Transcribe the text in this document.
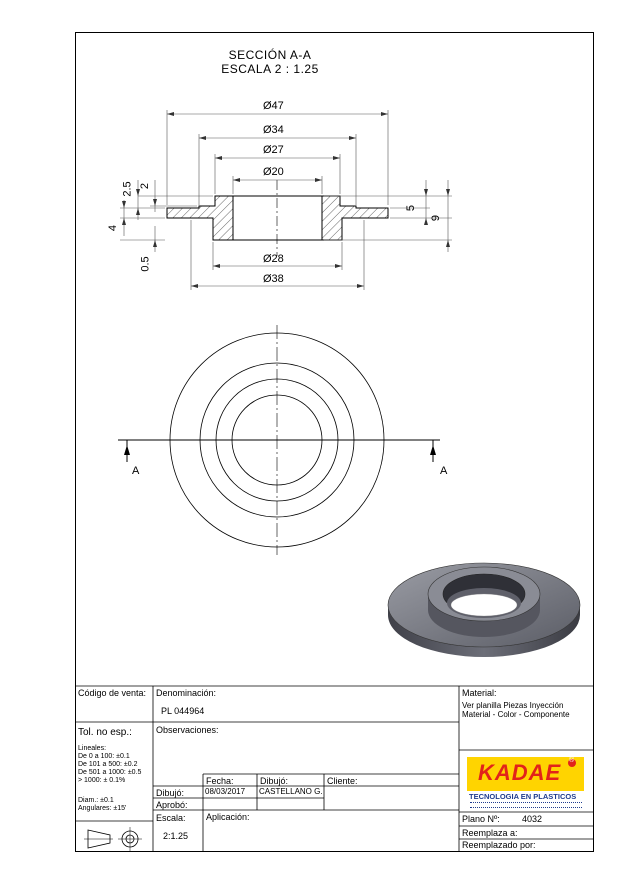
SECCIÓN A-A
ESCALA 2 : 1.25
Ø47
Ø34
Ø27
Ø20
Ø28
Ø38
2.5 2
4
0.5
5
9
A	A
KADAE ®
TECNOLOGIA EN PLASTICOS
Código de venta: Denominación:
PL 044964
Material:
Ver planilla Piezas Inyección
Material - Color - Componente
Tol. no esp.:
Lineales:
De 0 a 100: ±0.1
De 101 a 500: ±0.2
De 501 a 1000: ±0.5
> 1000: ± 0.1%
Diam.: ±0.1
Angulares: ±15'
Observaciones:
Fecha:	Dibujó:	Cliente:
Dibujó:	08/03/2017 CASTELLANO G.
Aprobó:
Escala:
2:1.25
Aplicación:	Plano Nº: 4032
Reemplaza a:
Reemplazado por:
